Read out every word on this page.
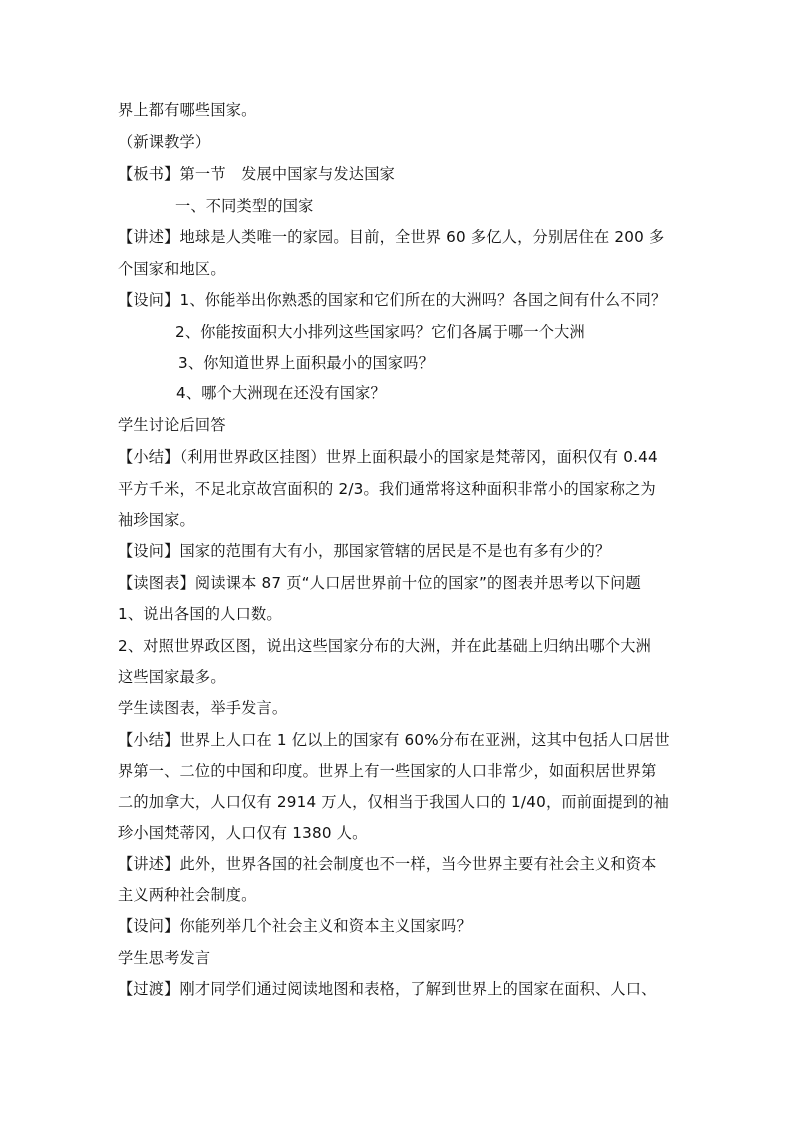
界上都有哪些国家。
（新课教学）
【板书】第一节　发展中国家与发达国家
一、不同类型的国家
【讲述】地球是人类唯一的家园。目前，全世界 60 多亿人，分别居住在 200 多
个国家和地区。
【设问】1、你能举出你熟悉的国家和它们所在的大洲吗？各国之间有什么不同？
2、你能按面积大小排列这些国家吗？它们各属于哪一个大洲
3、你知道世界上面积最小的国家吗？
4、哪个大洲现在还没有国家？
学生讨论后回答
【小结】（利用世界政区挂图）世界上面积最小的国家是梵蒂冈，面积仅有 0.44
平方千米，不足北京故宫面积的 2/3。我们通常将这种面积非常小的国家称之为
袖珍国家。
【设问】国家的范围有大有小，那国家管辖的居民是不是也有多有少的？
【读图表】阅读课本 87 页“人口居世界前十位的国家”的图表并思考以下问题
1、说出各国的人口数。
2、对照世界政区图，说出这些国家分布的大洲，并在此基础上归纳出哪个大洲
这些国家最多。
学生读图表，举手发言。
【小结】世界上人口在 1 亿以上的国家有 60%分布在亚洲，这其中包括人口居世
界第一、二位的中国和印度。世界上有一些国家的人口非常少，如面积居世界第
二的加拿大，人口仅有 2914 万人，仅相当于我国人口的 1/40，而前面提到的袖
珍小国梵蒂冈，人口仅有 1380 人。
【讲述】此外，世界各国的社会制度也不一样，当今世界主要有社会主义和资本
主义两种社会制度。
【设问】你能列举几个社会主义和资本主义国家吗？
学生思考发言
【过渡】刚才同学们通过阅读地图和表格，了解到世界上的国家在面积、人口、
